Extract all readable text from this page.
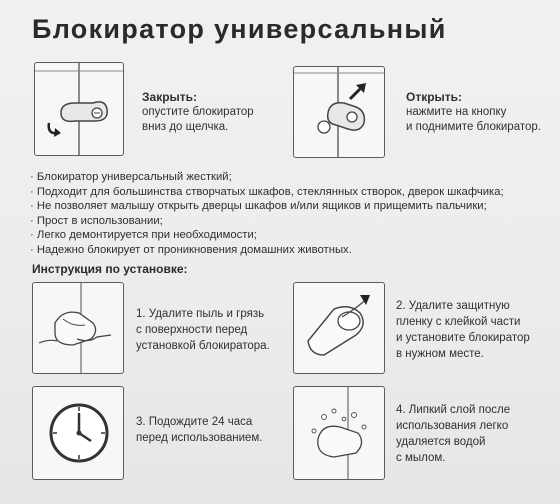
Блокиратор универсальный
Закрыть:
опустите блокиратор
вниз до щелчка.
Открыть:
нажмите на кнопку
и поднимите блокиратор.
· Блокиратор универсальный жесткий;
· Подходит для большинства створчатых шкафов, стеклянных створок, дверок шкафчика;
· Не позволяет малышу открыть дверцы шкафов и/или ящиков и прищемить пальчики;
· Прост в использовании;
· Легко демонтируется при необходимости;
· Надежно блокирует от проникновения домашних животных.
Инструкция по установке:
1. Удалите пыль и грязь
с поверхности перед
установкой блокиратора.
2. Удалите защитную
пленку с клейкой части
и установите блокиратор
в нужном месте.
3. Подождите 24 часа
перед использованием.
4. Липкий слой после
использования легко
удаляется водой
с мылом.
